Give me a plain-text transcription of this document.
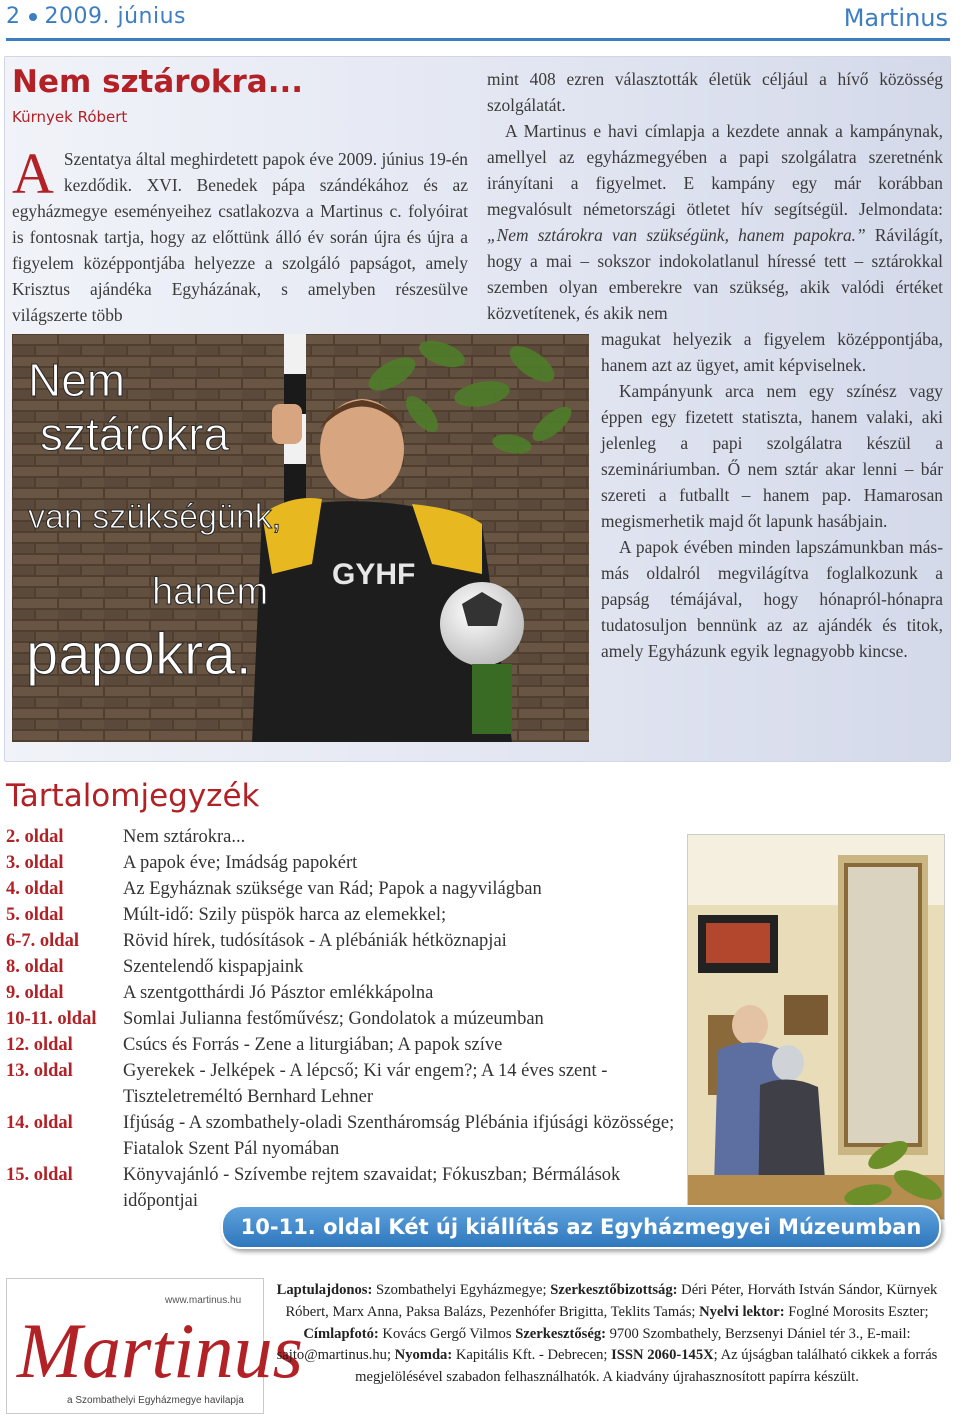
2 2009. június	Martinus
Nem sztárokra...
Kürnyek Róbert
A Szentatya által meghirdetett papok éve 2009. június 19-én kezdődik. XVI. Benedek pápa szándékához és az egyházmegye eseményeihez csatlakozva a Martinus c. folyóirat is fontosnak tartja, hogy az előttünk álló év során újra és újra a figyelem középpontjába helyezze a szolgáló papságot, amely Krisztus ajándéka Egyházának, s amelyben részesülve világszerte több

mint 408 ezren választották életük céljául a hívő közösség szolgálatát.

A Martinus e havi címlapja a kezdete annak a kampánynak, amellyel az egyházmegyében a papi szolgálatra szeretnénk irányítani a figyelmet. E kampány egy már korábban megvalósult németországi ötletet hív segítségül. Jelmondata: „Nem sztárokra van szükségünk, hanem papokra.” Rávilágít, hogy a mai – sokszor indokolatlanul híressé tett – sztárokkal szemben olyan emberekre van szükség, akik valódi értéket közvetítenek, és akik nem

magukat helyezik a figyelem középpontjába, hanem azt az ügyet, amit képviselnek.

Kampányunk arca nem egy színész vagy éppen egy fizetett statiszta, hanem valaki, aki jelenleg a papi szolgálatra készül a szemináriumban. Ő nem sztár akar lenni – bár szereti a futballt – hanem pap. Hamarosan megismerhetik majd őt lapunk hasábjain.

A papok évében minden lapszámunkban más-más oldalról megvilágítva foglalkozunk a papság témájával, hogy hónapról-hónapra tudatosuljon bennünk az az ajándék és titok, amely Egyházunk egyik legnagyobb kincse.

GYHF
Nem
sztárokra
van szükségünk,
hanem
papokra.
Tartalomjegyzék
2. oldal	Nem sztárokra...
3. oldal	A papok éve; Imádság papokért
4. oldal	Az Egyháznak szüksége van Rád; Papok a nagyvilágban
5. oldal	Múlt-idő: Szily püspök harca az elemekkel;
6-7. oldal	Rövid hírek, tudósítások - A plébániák hétköznapjai
8. oldal	Szentelendő kispapjaink
9. oldal	A szentgotthárdi Jó Pásztor emlékkápolna
10-11. oldal	Somlai Julianna festőművész; Gondolatok a múzeumban
12. oldal	Csúcs és Forrás - Zene a liturgiában; A papok szíve
13. oldal	Gyerekek - Jelképek - A lépcső; Ki vár engem?; A 14 éves szent - Tiszteletreméltó Bernhard Lehner
14. oldal	Ifjúság - A szombathely-oladi Szentháromság Plébánia ifjúsági közössége; Fiatalok Szent Pál nyomában
15. oldal	Könyvajánló - Szívembe rejtem szavaidat; Fókuszban; Bérmálások időpontjai
10-11. oldal Két új kiállítás az Egyházmegyei Múzeumban
www.martinus.hu
Martinus
a Szombathelyi Egyházmegye havilapja
Laptulajdonos: Szombathelyi Egyházmegye; Szerkesztőbizottság: Déri Péter, Horváth István Sándor, Kürnyek Róbert, Marx Anna, Paksa Balázs, Pezenhófer Brigitta, Teklits Tamás; Nyelvi lektor: Foglné Morosits Eszter; Címlapfotó: Kovács Gergő Vilmos Szerkesztőség: 9700 Szombathely, Berzsenyi Dániel tér 3., E-mail: sajto@martinus.hu; Nyomda: Kapitális Kft. - Debrecen; ISSN 2060-145X; Az újságban található cikkek a forrás megjelölésével szabadon felhasználhatók. A kiadvány újrahasznosított papírra készült.
